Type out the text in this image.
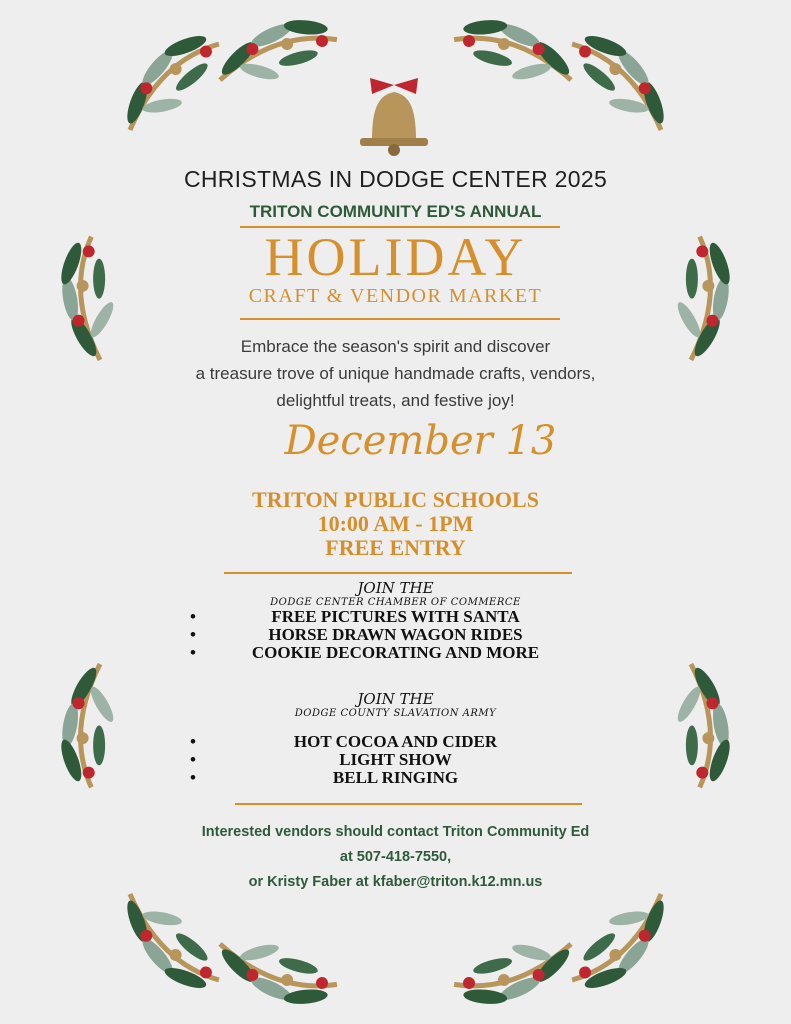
CHRISTMAS IN DODGE CENTER 2025
TRITON COMMUNITY ED'S ANNUAL
HOLIDAY
CRAFT & VENDOR MARKET
Embrace the season's spirit and discover
a treasure trove of unique handmade crafts, vendors,
delightful treats, and festive joy!
December 13
TRITON PUBLIC SCHOOLS
10:00 AM - 1PM
FREE ENTRY
JOIN THE
DODGE CENTER CHAMBER OF COMMERCE
•	FREE PICTURES WITH SANTA
•	HORSE DRAWN WAGON RIDES
•	COOKIE DECORATING AND MORE
JOIN THE
DODGE COUNTY SLAVATION ARMY
•	HOT COCOA AND CIDER
•	LIGHT SHOW
•	BELL RINGING
Interested vendors should contact Triton Community Ed
at 507-418-7550,
or Kristy Faber at kfaber@triton.k12.mn.us
